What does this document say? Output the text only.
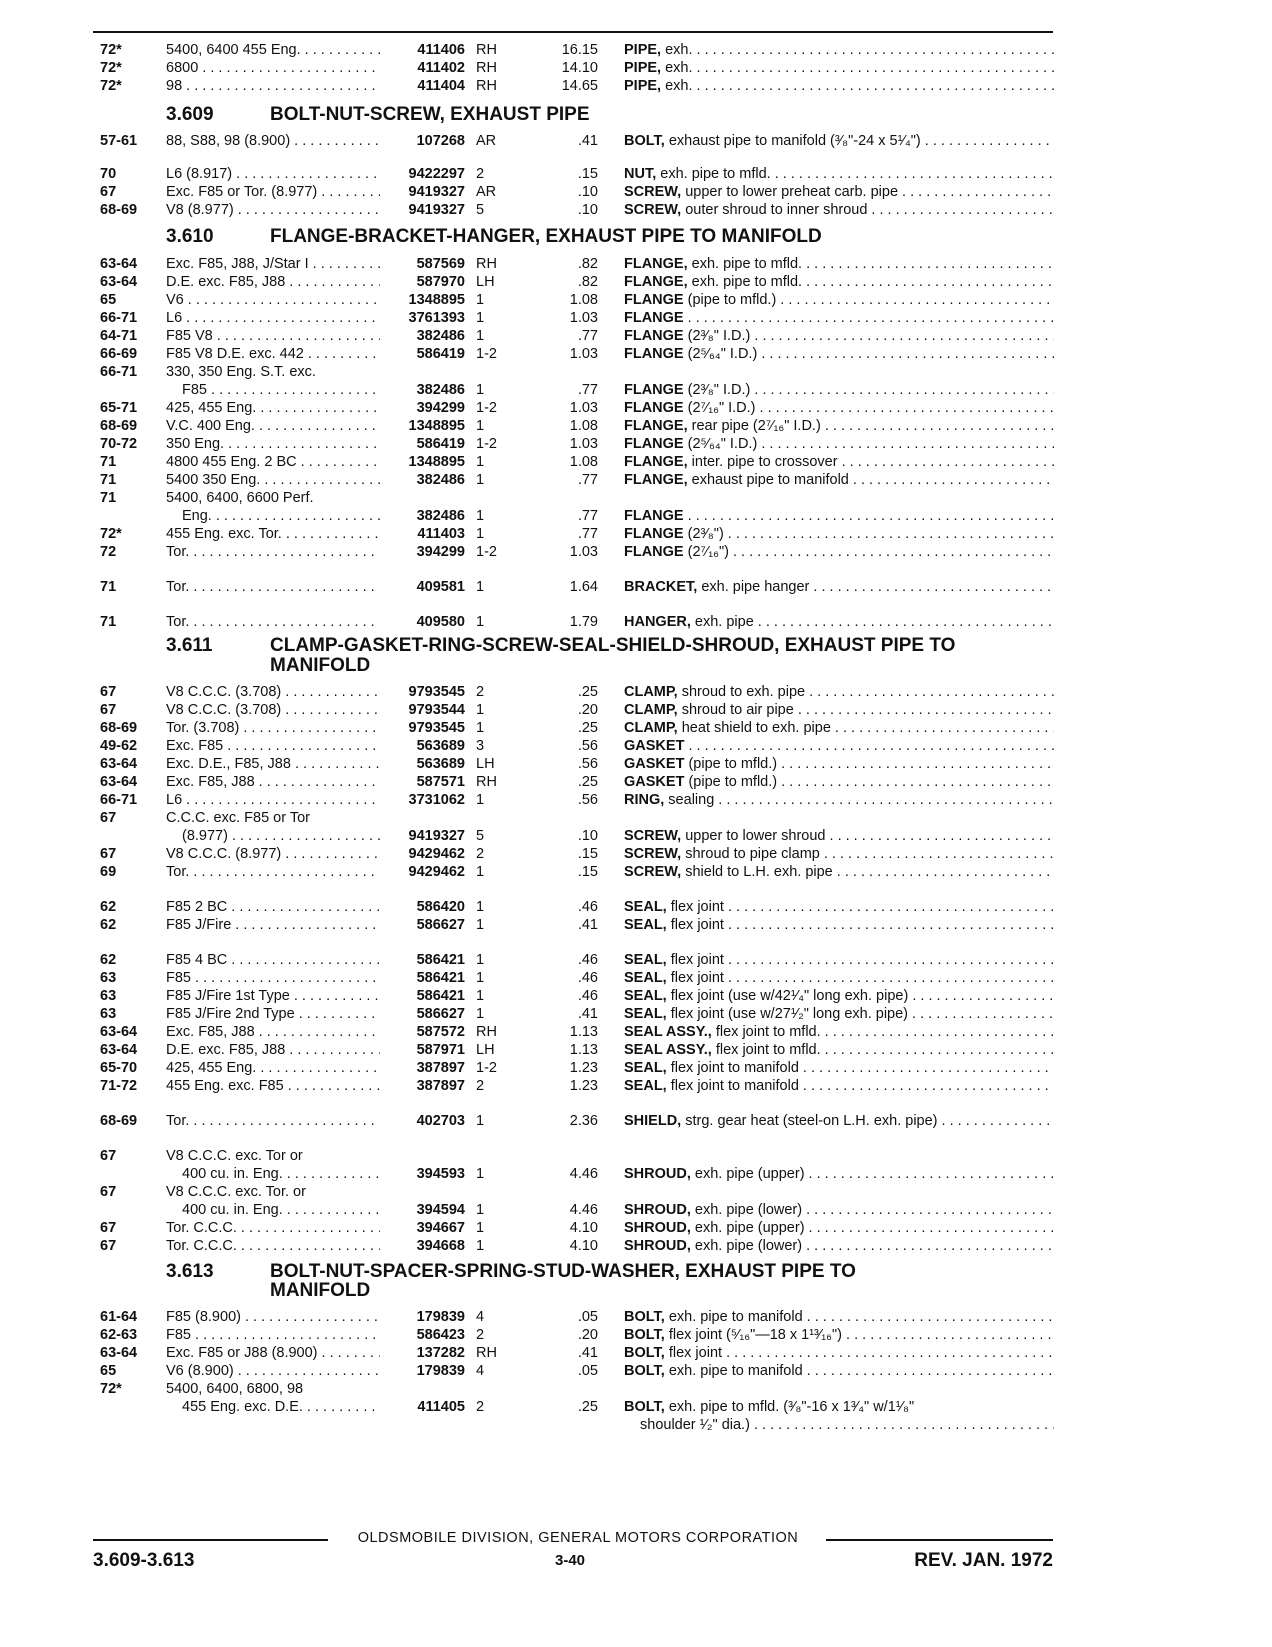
3.609	BOLT-NUT-SCREW, EXHAUST PIPE
3.610	FLANGE-BRACKET-HANGER, EXHAUST PIPE TO MANIFOLD
3.611	CLAMP-GASKET-RING-SCREW-SEAL-SHIELD-SHROUD, EXHAUST PIPE TO
MANIFOLD
3.613	BOLT-NUT-SPACER-SPRING-STUD-WASHER, EXHAUST PIPE TO
MANIFOLD
72*	5400, 6400 455 Eng. . . .	411406 RH	16.15 PIPE, exh. . . .
72*	6800 . . .	411402 RH	14.10 PIPE, exh. . . .
72*	98 . . .	411404 RH	14.65 PIPE, exh. . . .
57-61 88, S88, 98 (8.900) . . .	107268 AR	.41 BOLT, exhaust pipe to manifold (³⁄₈"-24 x 5¹⁄₄") . . .
70	L6 (8.917) . . .	9422297 2	.15 NUT, exh. pipe to mfld. . . .
67	Exc. F85 or Tor. (8.977) . . .	9419327 AR	.10 SCREW, upper to lower preheat carb. pipe . . .
68-69 V8 (8.977) . . .	9419327 5	.10 SCREW, outer shroud to inner shroud . . .
63-64 Exc. F85, J88, J/Star I . . .	587569 RH	.82 FLANGE, exh. pipe to mfld. . . .
63-64 D.E. exc. F85, J88 . . .	587970 LH	.82 FLANGE, exh. pipe to mfld. . . .
65	V6 . . .	1348895 1	1.08 FLANGE (pipe to mfld.) . . .
66-71 L6 . . .	3761393 1	1.03 FLANGE . . .
64-71 F85 V8 . . .	382486 1	.77 FLANGE (2³⁄₈" I.D.) . . .
66-69 F85 V8 D.E. exc. 442 . . .	586419 1-2	1.03 FLANGE (2⁵⁄₆₄" I.D.) . . .
66-71 330, 350 Eng. S.T. exc.
F85 . . .	382486 1	.77 FLANGE (2³⁄₈" I.D.) . . .
65-71 425, 455 Eng. . . .	394299 1-2	1.03 FLANGE (2⁷⁄₁₆" I.D.) . . .
68-69 V.C. 400 Eng. . . .	1348895 1	1.08 FLANGE, rear pipe (2⁷⁄₁₆" I.D.) . . .
70-72 350 Eng. . . .	586419 1-2	1.03 FLANGE (2⁵⁄₆₄" I.D.) . . .
71	4800 455 Eng. 2 BC . . .	1348895 1	1.08 FLANGE, inter. pipe to crossover . . .
71	5400 350 Eng. . . .	382486 1	.77 FLANGE, exhaust pipe to manifold . . .
71	5400, 6400, 6600 Perf.
Eng. . . .	382486 1	.77 FLANGE . . .
72*	455 Eng. exc. Tor. . . .	411403 1	.77 FLANGE (2³⁄₈") . . .
72	Tor. . . .	394299 1-2	1.03 FLANGE (2⁷⁄₁₆") . . .
71	Tor. . . .	409581 1	1.64 BRACKET, exh. pipe hanger . . .
71	Tor. . . .	409580 1	1.79 HANGER, exh. pipe . . .
67	V8 C.C.C. (3.708) . . .	9793545 2	.25 CLAMP, shroud to exh. pipe . . .
67	V8 C.C.C. (3.708) . . .	9793544 1	.20 CLAMP, shroud to air pipe . . .
68-69 Tor. (3.708) . . .	9793545 1	.25 CLAMP, heat shield to exh. pipe . . .
49-62 Exc. F85 . . .	563689 3	.56 GASKET . . .
63-64 Exc. D.E., F85, J88 . . .	563689 LH	.56 GASKET (pipe to mfld.) . . .
63-64 Exc. F85, J88 . . .	587571 RH	.25 GASKET (pipe to mfld.) . . .
66-71 L6 . . .	3731062 1	.56 RING, sealing . . .
67	C.C.C. exc. F85 or Tor
(8.977) . . .	9419327 5	.10 SCREW, upper to lower shroud . . .
67	V8 C.C.C. (8.977) . . .	9429462 2	.15 SCREW, shroud to pipe clamp . . .
69	Tor. . . .	9429462 1	.15 SCREW, shield to L.H. exh. pipe . . .
62	F85 2 BC . . .	586420 1	.46 SEAL, flex joint . . .
62	F85 J/Fire . . .	586627 1	.41 SEAL, flex joint . . .
62	F85 4 BC . . .	586421 1	.46 SEAL, flex joint . . .
63	F85 . . .	586421 1	.46 SEAL, flex joint . . .
63	F85 J/Fire 1st Type . . .	586421 1	.46 SEAL, flex joint (use w/42¹⁄₄" long exh. pipe) . . .
63	F85 J/Fire 2nd Type . . .	586627 1	.41 SEAL, flex joint (use w/27¹⁄₂" long exh. pipe) . . .
63-64 Exc. F85, J88 . . .	587572 RH	1.13 SEAL ASSY., flex joint to mfld. . . .
63-64 D.E. exc. F85, J88 . . .	587971 LH	1.13 SEAL ASSY., flex joint to mfld. . . .
65-70 425, 455 Eng. . . .	387897 1-2	1.23 SEAL, flex joint to manifold . . .
71-72 455 Eng. exc. F85 . . .	387897 2	1.23 SEAL, flex joint to manifold . . .
68-69 Tor. . . .	402703 1	2.36 SHIELD, strg. gear heat (steel-on L.H. exh. pipe) . . .
67	V8 C.C.C. exc. Tor or
400 cu. in. Eng. . . .	394593 1	4.46 SHROUD, exh. pipe (upper) . . .
67	V8 C.C.C. exc. Tor. or
400 cu. in. Eng. . . .	394594 1	4.46 SHROUD, exh. pipe (lower) . . .
67	Tor. C.C.C. . . .	394667 1	4.10 SHROUD, exh. pipe (upper) . . .
67	Tor. C.C.C. . . .	394668 1	4.10 SHROUD, exh. pipe (lower) . . .
61-64 F85 (8.900) . . .	179839 4	.05 BOLT, exh. pipe to manifold . . .
62-63 F85 . . .	586423 2	.20 BOLT, flex joint (⁵⁄₁₆"—18 x 1¹³⁄₁₆") . . .
63-64 Exc. F85 or J88 (8.900) . . .	137282 RH	.41 BOLT, flex joint . . .
65	V6 (8.900) . . .	179839 4	.05 BOLT, exh. pipe to manifold . . .
72*	5400, 6400, 6800, 98
455 Eng. exc. D.E. . . .	411405 2	.25 BOLT, exh. pipe to mfld. (³⁄₈"-16 x 1³⁄₄" w/1¹⁄₈"
shoulder ¹⁄₂" dia.) . . .
OLDSMOBILE DIVISION, GENERAL MOTORS CORPORATION
3.609-3.613	3-40	REV. JAN. 1972
